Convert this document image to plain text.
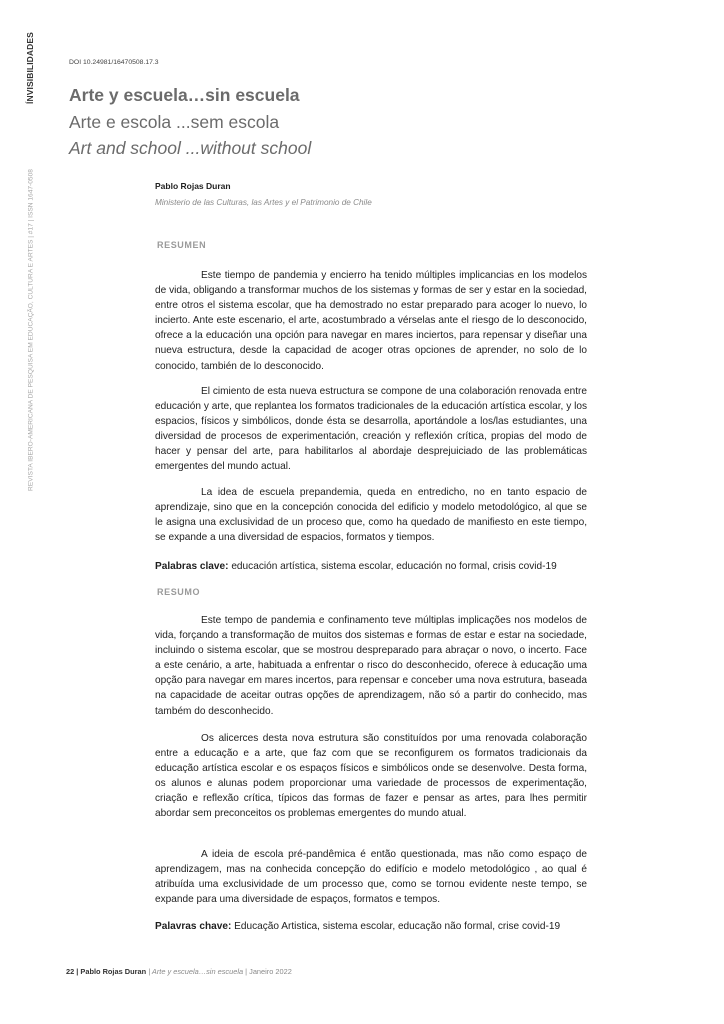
ÍNVISIBILIDADES
REVISTA IBERO-AMERICANA DE PESQUISA EM EDUCAÇÃO, CULTURA E ARTES | #17 | ISSN 1647-0508
DOI 10.24981/16470508.17.3
Arte y escuela…sin escuela
Arte e escola ...sem escola
Art and school ...without school
Pablo Rojas Duran
Ministerio de las Culturas, las Artes y el Patrimonio de Chile
RESUMEN

Este tiempo de pandemia y encierro ha tenido múltiples implicancias en los modelos de vida, obligando a transformar muchos de los sistemas y formas de ser y estar en la sociedad, entre otros el sistema escolar, que ha demostrado no estar preparado para acoger lo nuevo, lo incierto. Ante este escenario, el arte, acostumbrado a vérselas ante el riesgo de lo desconocido, ofrece a la educación una opción para navegar en mares inciertos, para repensar y diseñar una nueva estructura, desde la capacidad de acoger otras opciones de aprender, no solo de lo conocido, también de lo desconocido.

El cimiento de esta nueva estructura se compone de una colaboración renovada entre educación y arte, que replantea los formatos tradicionales de la educación artística escolar, y los espacios, físicos y simbólicos, donde ésta se desarrolla, aportándole a los/las estudiantes, una diversidad de procesos de experimentación, creación y reflexión crítica, propias del modo de hacer y pensar del arte, para habilitarlos al abordaje desprejuiciado de las problemáticas emergentes del mundo actual.

La idea de escuela prepandemia, queda en entredicho, no en tanto espacio de aprendizaje, sino que en la concepción conocida del edificio y modelo metodológico, al que se le asigna una exclusividad de un proceso que, como ha quedado de manifiesto en este tiempo, se expande a una diversidad de espacios, formatos y tiempos.

Palabras clave: educación artística, sistema escolar, educación no formal, crisis covid-19
RESUMO

Este tempo de pandemia e confinamento teve múltiplas implicações nos modelos de vida, forçando a transformação de muitos dos sistemas e formas de estar e estar na sociedade, incluindo o sistema escolar, que se mostrou despreparado para abraçar o novo, o incerto. Face a este cenário, a arte, habituada a enfrentar o risco do desconhecido, oferece à educação uma opção para navegar em mares incertos, para repensar e conceber uma nova estrutura, baseada na capacidade de aceitar outras opções de aprendizagem, não só a partir do conhecido, mas também do desconhecido.

Os alicerces desta nova estrutura são constituídos por uma renovada colaboração entre a educação e a arte, que faz com que se reconfigurem os formatos tradicionais da educação artística escolar e os espaços físicos e simbólicos onde se desenvolve. Desta forma, os alunos e alunas podem proporcionar uma variedade de processos de experimentação, criação e reflexão crítica, típicos das formas de fazer e pensar as artes, para lhes permitir abordar sem preconceitos os problemas emergentes do mundo atual.

A ideia de escola pré-pandêmica é então questionada, mas não como espaço de aprendizagem, mas na conhecida concepção do edifício e modelo metodológico , ao qual é atribuída uma exclusividade de um processo que, como se tornou evidente neste tempo, se expande para uma diversidade de espaços, formatos e tempos.

Palavras chave: Educação Artistica, sistema escolar, educação não formal, crise covid-19
22 | Pablo Rojas Duran | Arte y escuela…sin escuela | Janeiro 2022
